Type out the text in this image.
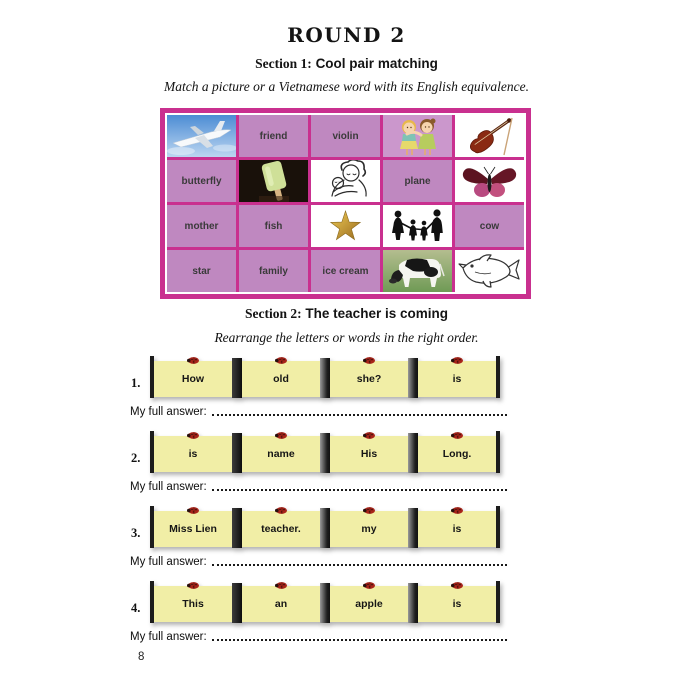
ROUND 2
Section 1: Cool pair matching
Match a picture or a Vietnamese word with its English equivalence.
friend	violin
butterfly	plane
mother	fish	cow
star	family	ice cream
Section 2: The teacher is coming
Rearrange the letters or words in the right order.
1.	How	old	she?	is
My full answer:
2.	is	name	His	Long.
My full answer:
3.	Miss Lien	teacher.	my	is
My full answer:
4.	This	an	apple	is
My full answer:
8
